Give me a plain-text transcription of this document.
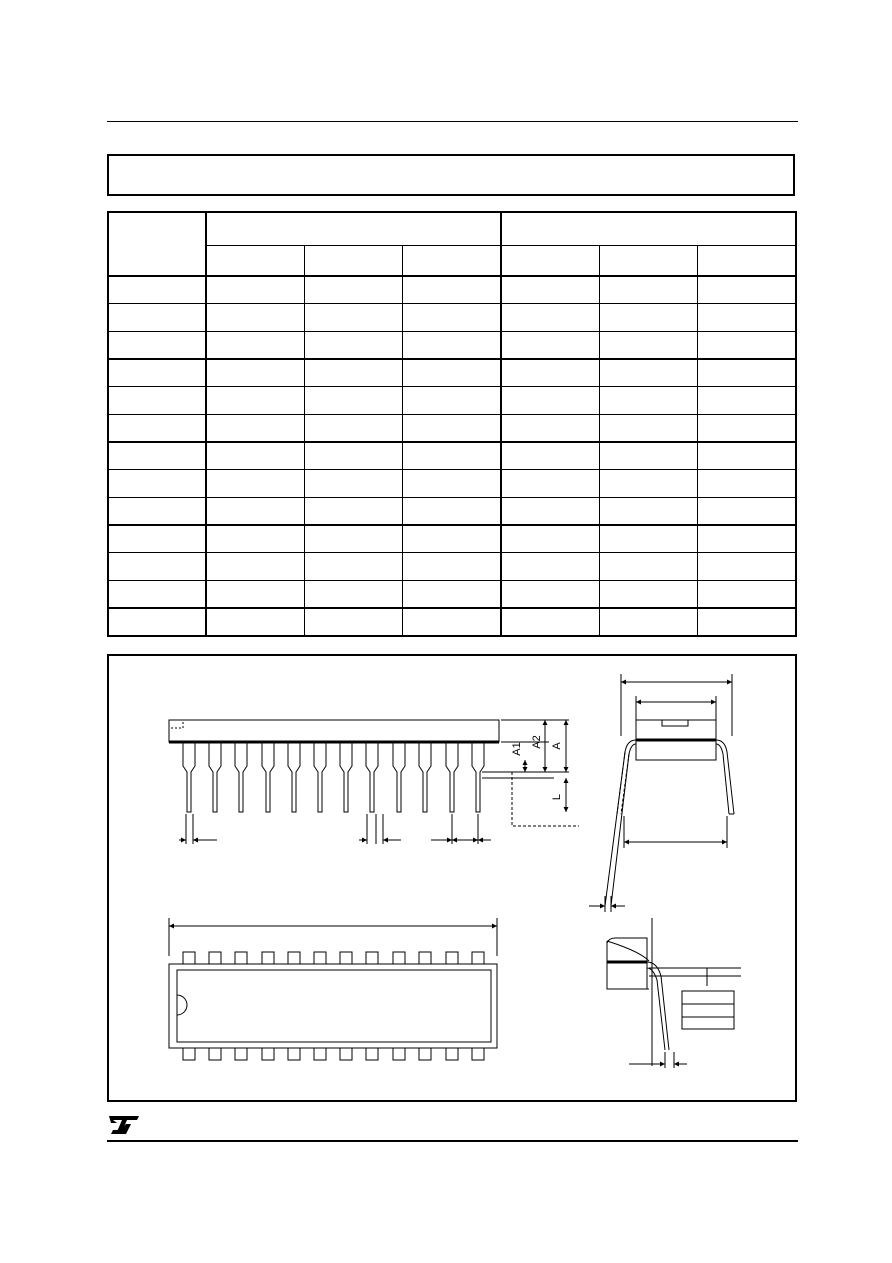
A
A2
A1
L
